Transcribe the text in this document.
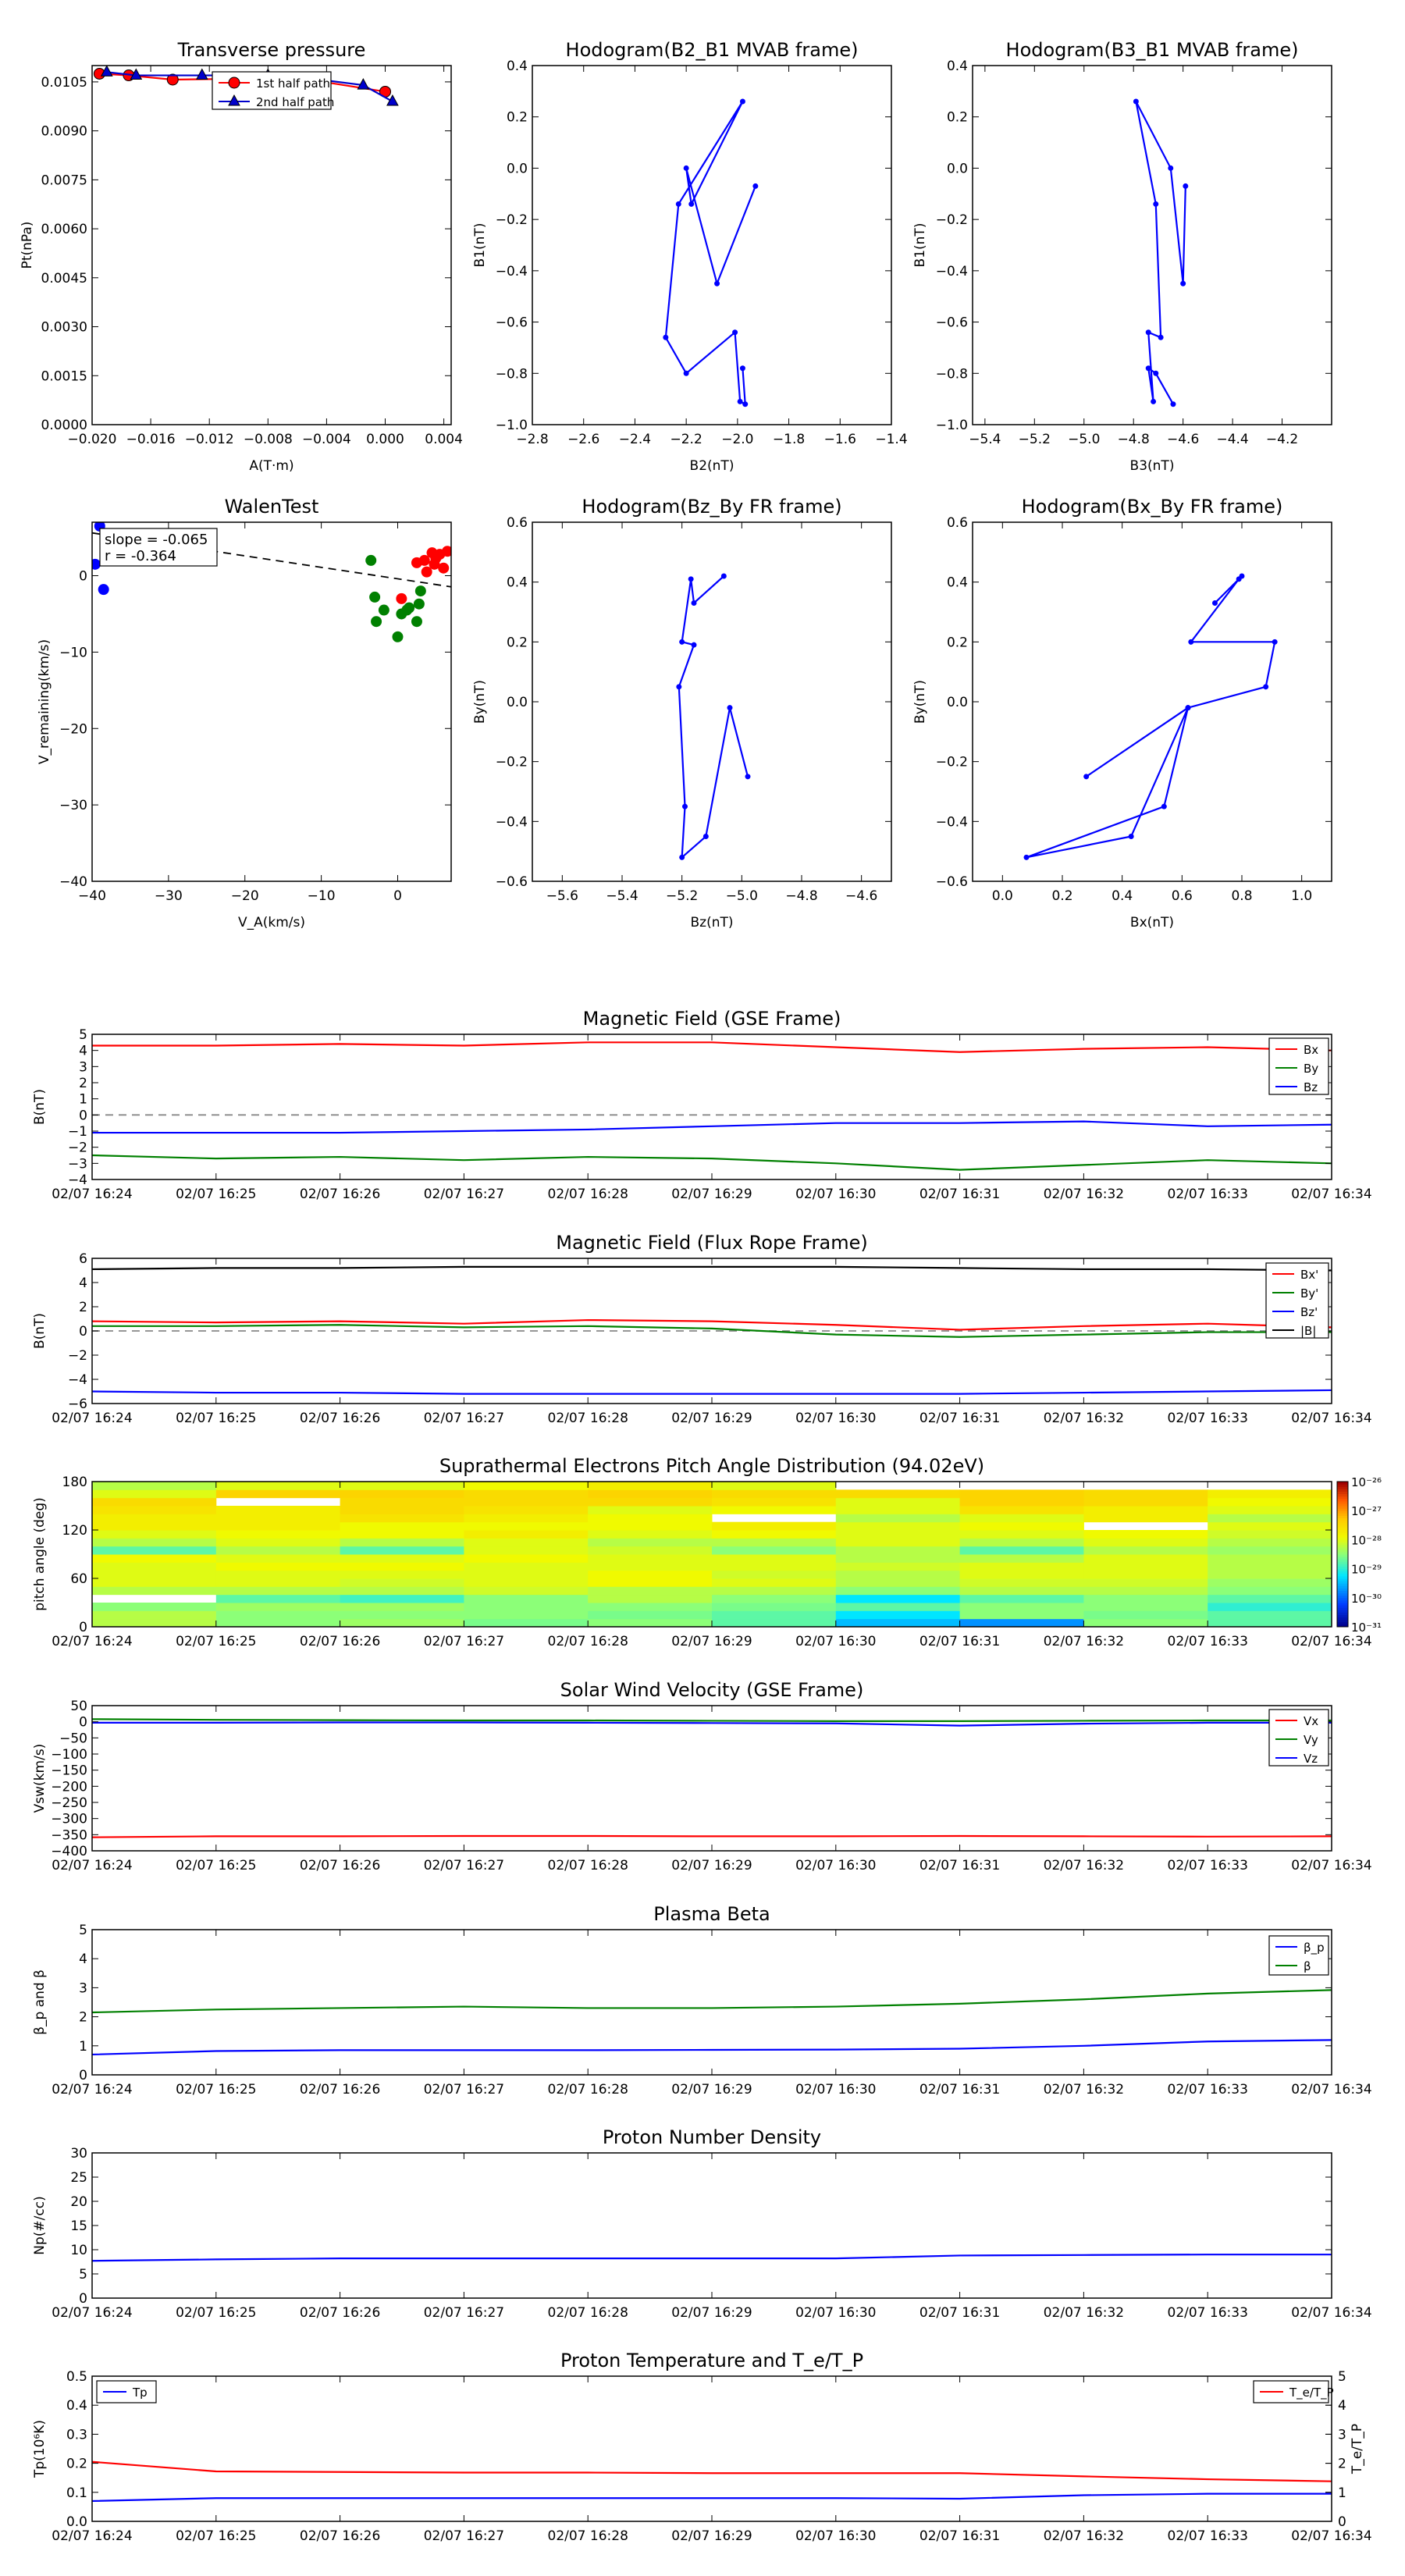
Transverse pressure
1st half path
2nd half path
0.0000
0.0015
0.0030
0.0045
0.0060
0.0075
0.0090
0.0105
−0.020 −0.016 −0.012 −0.008 −0.004 0.000 0.004
A(T·m)
Pt(nPa)
Hodogram(B2_B1 MVAB frame)
−1.0
−0.8
−0.6
−0.4
−0.2
0.0
0.2
0.4
−2.8 −2.6 −2.4 −2.2 −2.0 −1.8 −1.6 −1.4
B2(nT)
B1(nT)
Hodogram(B3_B1 MVAB frame)
−1.0
−0.8
−0.6
−0.4
−0.2
0.0
0.2
0.4
−5.4 −5.2 −5.0 −4.8 −4.6 −4.4 −4.2
B3(nT)
B1(nT)
WalenTest
slope = -0.065
r = -0.364
−40
−30
−20
−10
0
−40	−30	−20	−10	0
V_A(km/s)
V_remaining(km/s)
Hodogram(Bz_By FR frame)
−0.6
−0.4
−0.2
0.0
0.2
0.4
0.6
−5.6 −5.4 −5.2 −5.0 −4.8 −4.6
Bz(nT)
By(nT)
Hodogram(Bx_By FR frame)
−0.6
−0.4
−0.2
0.0
0.2
0.4
0.6
0.0	0.2	0.4	0.6	0.8	1.0
Bx(nT)
By(nT)
Magnetic Field (GSE Frame)
−4
−3
−2
−1
0
1
2
3
4
5
02/07 16:24	02/07 16:25	02/07 16:26	02/07 16:27	02/07 16:28	02/07 16:29	02/07 16:30	02/07 16:31	02/07 16:32	02/07 16:33	02/07 16:34
B(nT)
Bx
By
Bz
Magnetic Field (Flux Rope Frame)
−6
−4
−2
0
2
4
6
02/07 16:24	02/07 16:25	02/07 16:26	02/07 16:27	02/07 16:28	02/07 16:29	02/07 16:30	02/07 16:31	02/07 16:32	02/07 16:33	02/07 16:34
B(nT)
Bx'
By'
Bz'
|B|
Suprathermal Electrons Pitch Angle Distribution (94.02eV)
10⁻²⁶
10⁻²⁷
10⁻²⁸
10⁻²⁹
10⁻³⁰
10⁻³¹
0
60
120
180
02/07 16:24	02/07 16:25	02/07 16:26	02/07 16:27	02/07 16:28	02/07 16:29	02/07 16:30	02/07 16:31	02/07 16:32	02/07 16:33	02/07 16:34
pitch angle (deg)
Solar Wind Velocity (GSE Frame)
−400
−350
−300
−250
−200
−150
−100
−50
0
50
02/07 16:24	02/07 16:25	02/07 16:26	02/07 16:27	02/07 16:28	02/07 16:29	02/07 16:30	02/07 16:31	02/07 16:32	02/07 16:33	02/07 16:34
Vsw(km/s)
Vx
Vy
Vz
Plasma Beta
0
1
2
3
4
5
02/07 16:24	02/07 16:25	02/07 16:26	02/07 16:27	02/07 16:28	02/07 16:29	02/07 16:30	02/07 16:31	02/07 16:32	02/07 16:33	02/07 16:34
β_p and β
β_p
β
Proton Number Density
0
5
10
15
20
25
30
02/07 16:24	02/07 16:25	02/07 16:26	02/07 16:27	02/07 16:28	02/07 16:29	02/07 16:30	02/07 16:31	02/07 16:32	02/07 16:33	02/07 16:34
Np(#/cc)
Proton Temperature and T_e/T_P
0.0
0.1
0.2
0.3
0.4
0.5
0
1
2
3
4
5
T_e/T_P
02/07 16:24	02/07 16:25	02/07 16:26	02/07 16:27	02/07 16:28	02/07 16:29	02/07 16:30	02/07 16:31	02/07 16:32	02/07 16:33	02/07 16:34
Tp(10⁶K)
Tp	T_e/T_P
